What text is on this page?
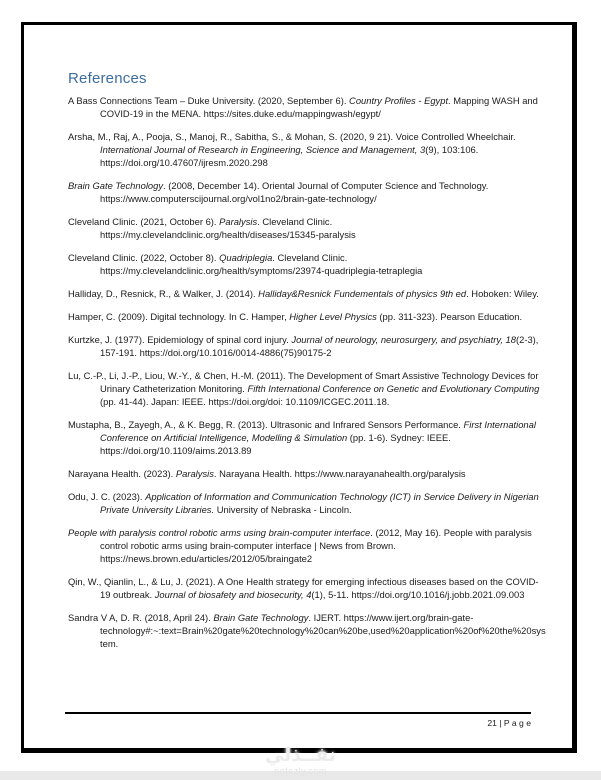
References

A Bass Connections Team – Duke University. (2020, September 6). Country Profiles - Egypt. Mapping WASH and COVID-19 in the MENA. https://sites.duke.edu/mappingwash/egypt/

Arsha, M., Raj, A., Pooja, S., Manoj, R., Sabitha, S., & Mohan, S. (2020, 9 21). Voice Controlled Wheelchair. International Journal of Research in Engineering, Science and Management, 3(9), 103:106. https://doi.org/10.47607/ijresm.2020.298

Brain Gate Technology. (2008, December 14). Oriental Journal of Computer Science and Technology. https://www.computerscijournal.org/vol1no2/brain-gate-technology/

Cleveland Clinic. (2021, October 6). Paralysis. Cleveland Clinic. https://my.clevelandclinic.org/health/diseases/15345-paralysis

Cleveland Clinic. (2022, October 8). Quadriplegia. Cleveland Clinic. https://my.clevelandclinic.org/health/symptoms/23974-quadriplegia-tetraplegia

Halliday, D., Resnick, R., & Walker, J. (2014). Halliday&Resnick Fundementals of physics 9th ed. Hoboken: Wiley.

Hamper, C. (2009). Digital technology. In C. Hamper, Higher Level Physics (pp. 311-323). Pearson Education.

Kurtzke, J. (1977). Epidemiology of spinal cord injury. Journal of neurology, neurosurgery, and psychiatry, 18(2-3), 157-191. https://doi.org/10.1016/0014-4886(75)90175-2

Lu, C.-P., Li, J.-P., Liou, W.-Y., & Chen, H.-M. (2011). The Development of Smart Assistive Technology Devices for Urinary Catheterization Monitoring. Fifth International Conference on Genetic and Evolutionary Computing (pp. 41-44). Japan: IEEE. https://doi.org/doi: 10.1109/ICGEC.2011.18.

Mustapha, B., Zayegh, A., & K. Begg, R. (2013). Ultrasonic and Infrared Sensors Performance. First International Conference on Artificial Intelligence, Modelling & Simulation (pp. 1-6). Sydney: IEEE. https://doi.org/10.1109/aims.2013.89

Narayana Health. (2023). Paralysis. Narayana Health. https://www.narayanahealth.org/paralysis

Odu, J. C. (2023). Application of Information and Communication Technology (ICT) in Service Delivery in Nigerian Private University Libraries. University of Nebraska - Lincoln.

People with paralysis control robotic arms using brain-computer interface. (2012, May 16). People with paralysis control robotic arms using brain-computer interface | News from Brown. https://news.brown.edu/articles/2012/05/braingate2

Qin, W., Qianlin, L., & Lu, J. (2021). A One Health strategy for emerging infectious diseases based on the COVID-19 outbreak. Journal of biosafety and biosecurity, 4(1), 5-11. https://doi.org/10.1016/j.jobb.2021.09.003

Sandra V A, D. R. (2018, April 24). Brain Gate Technology. IJERT. https://www.ijert.org/brain-gate-technology#:~:text=Brain%20gate%20technology%20can%20be,used%20application%20of%20the%20system.

21 | P a g e
نفــذلي
nofezly.com
